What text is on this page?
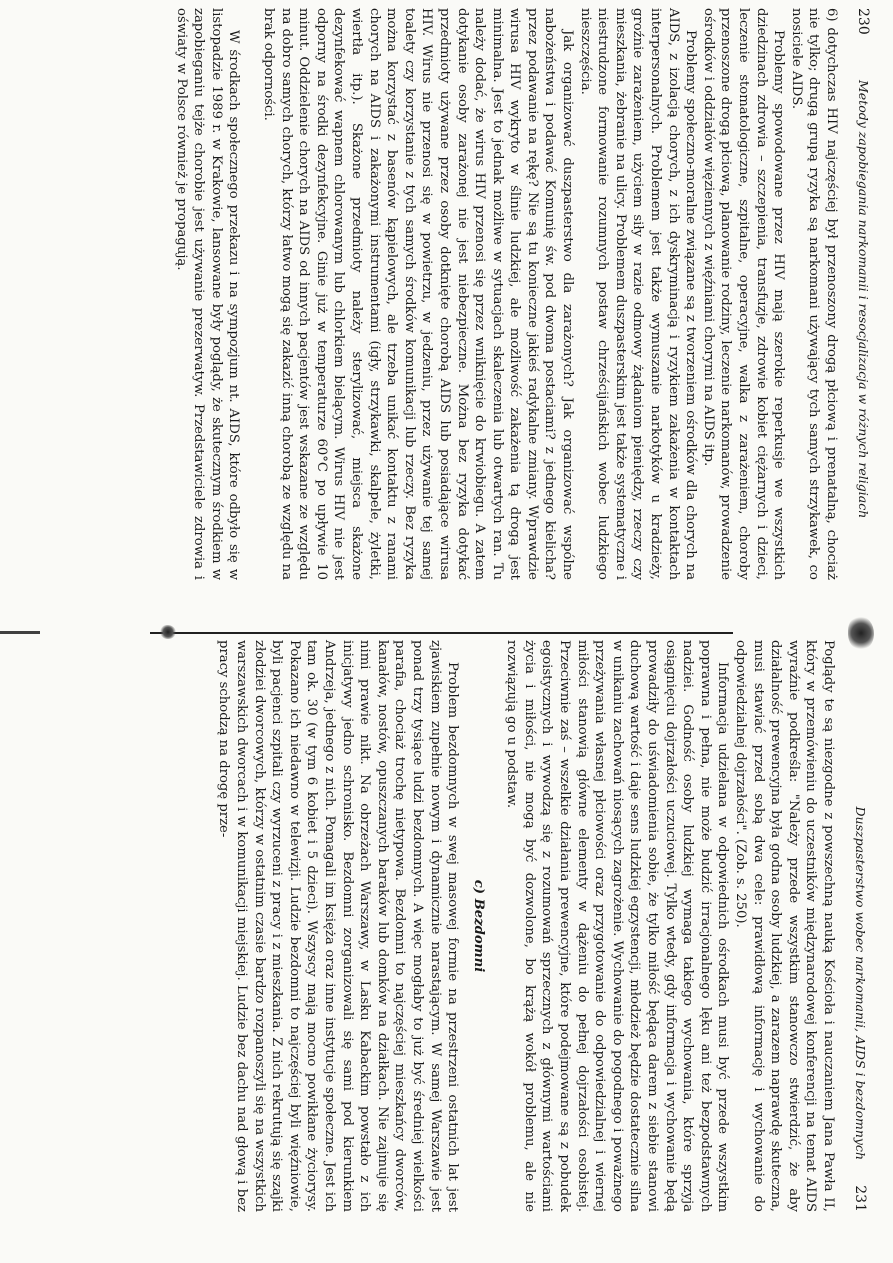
230
Metody zapobiegania narkomanii i resocjalizacja w różnych religiach

6) dotychczas HIV najczęściej był przenoszony drogą płciową i prenatalną, chociaż nie tylko; drugą grupą ryzyka są narkomani używający tych samych strzykawek, co nosiciele AIDS.

Problemy spowodowane przez HIV mają szerokie reperkusje we wszystkich dziedzinach zdrowia – szczepienia, transfuzje, zdrowie kobiet ciężarnych i dzieci, leczenie stomatologiczne, szpitalne, operacyjne, walka z zarażeniem, choroby przenoszone drogą płciową, planowanie rodziny, leczenie narkomanów, prowadzenie ośrodków i oddziałów więziennych z więźniami chorymi na AIDS itp.

Problemy społeczno-moralne związane są z tworzeniem ośrodków dla chorych na AIDS, z izolacją chorych, z ich dyskryminacją i ryzykiem zakażenia w kontaktach interpersonalnych. Problemem jest także wymuszanie narkotyków u kradzieży, groźnie zarażeniem, użyciem siły w razie odmowy żądaniom pieniędzy, rzeczy czy mieszkania, żebranie na ulicy. Problemem duszpasterskim jest także systematyczne i niestrudzone formowanie rozumnych postaw chrześcijańskich wobec ludzkiego nieszczęścia.

Jak organizować duszpasterstwo dla zarażonych? Jak organizować wspólne nabożeństwa i podawać Komunię św. pod dwoma postaciami? z jednego kielicha? przez podawanie na rękę? Nie są tu konieczne jakieś radykalne zmiany. Wprawdzie wirusa HIV wykryto w ślinie ludzkiej, ale możliwość zakażenia tą drogą jest minimalna. Jest to jednak możliwe w sytuacjach skaleczenia lub otwartych ran. Tu należy dodać, że wirus HIV przenosi się przez wniknięcie do krwiobiegu. A zatem dotykanie osoby zarażonej nie jest niebezpieczne. Można bez ryzyka dotykać przedmioty używane przez osoby dotknięte chorobą AIDS lub posiadające wirusa HIV. Wirus nie przenosi się w powietrzu, w jedzeniu, przez używanie tej samej toalety czy korzystanie z tych samych środków komunikacji lub rzeczy. Bez ryzyka można korzystać z basenów kąpielowych, ale trzeba unikać kontaktu z ranami chorych na AIDS i zakażonymi instrumentami (igły, strzykawki, skalpele, żyletki, wiertła itp.). Skażone przedmioty należy sterylizować, miejsca skażone dezynfekować wapnem chlorowanym lub chlorkiem bielącym. Wirus HIV nie jest odporny na środki dezynfekcyjne. Ginie już w temperaturze 60°C po upływie 10 minut. Oddzielenie chorych na AIDS od innych pacjentów jest wskazane ze względu na dobro samych chorych, którzy łatwo mogą się zakazić inną chorobą ze względu na brak odporności.

W środkach społecznego przekazu i na sympozjum nt. AIDS, które odbyło się w listopadzie 1989 r. w Krakowie, lansowane były poglądy, że skutecznym środkiem w zapobieganiu tejże chorobie jest używanie prezerwatyw. Przedstawiciele zdrowia i oświaty w Polsce również je propagują.

Duszpasterstwo wobec narkomanii, AIDS i bezdomnych
231

Poglądy te są niezgodne z powszechną nauką Kościoła i nauczaniem Jana Pawła II, który w przemówieniu do uczestników międzynarodowej konferencji na temat AIDS wyraźnie podkreśla: "Należy przede wszystkim stanowczo stwierdzić, że aby działalność prewencyjna była godna osoby ludzkiej, a zarazem naprawdę skuteczna, musi stawiać przed sobą dwa cele: prawidłową informację i wychowanie do odpowiedzialnej dojrzałości". (Zob. s. 250).

Informacja udzielana w odpowiednich ośrodkach musi być przede wszystkim poprawna i pełna, nie może budzić irracjonalnego lęku ani też bezpodstawnych nadziei. Godność osoby ludzkiej wymaga takiego wychowania, które sprzyja osiągnięciu dojrzałości uczuciowej. Tylko wtedy, gdy informacja i wychowanie będą prowadziły do uświadomienia sobie, że tylko miłość będąca darem z siebie stanowi duchową wartość i daje sens ludzkiej egzystencji, młodzież będzie dostatecznie silna w unikaniu zachowań niosących zagrożenie. Wychowanie do pogodnego i poważnego przeżywania własnej płciowości oraz przygotowanie do odpowiedzialnej i wiernej miłości stanowią główne elementy w dążeniu do pełnej dojrzałości osobistej. Przeciwnie zaś – wszelkie działania prewencyjne, które podejmowane są z pobudek egoistycznych i wywodzą się z rozumowań sprzecznych z głównymi wartościami życia i miłości, nie mogą być dozwolone, bo krążą wokół problemu, ale nie rozwiązują go u podstaw.

c) Bezdomni

Problem bezdomnych w swej masowej formie na przestrzeni ostatnich lat jest zjawiskiem zupełnie nowym i dynamicznie narastającym. W samej Warszawie jest ponad trzy tysiące ludzi bezdomnych. A więc mogłaby to już być średniej wielkości parafia, chociaż trochę nietypowa. Bezdomni to najczęściej mieszkańcy dworców, kanałów, nostów, opuszczanych baraków lub domków na działkach. Nie zajmuje się nimi prawie nikt. Na obrzeżach Warszawy, w Lasku Kabackim powstało z ich inicjatywy jedno schronisko. Bezdomni zorganizowali się sami pod kierunkiem Andrzeja, jednego z nich. Pomagali im księża oraz inne instytucje społeczne. Jest ich tam ok. 30 (w tym 6 kobiet i 5 dzieci). Wszyscy mają mocno powikłane życiorysy. Pokazano ich niedawno w telewizji. Ludzie bezdomni to najczęściej byli więźniowie, byli pacjenci szpitali czy wyrzuceni z pracy i z mieszkania. Z nich rekrutują się szajki złodziei dworcowych, którzy w ostatnim czasie bardzo rozpanoszyli się na wszystkich warszawskich dworcach i w komunikacji miejskiej. Ludzie bez dachu nad głową i bez pracy schodzą na drogę prze-
